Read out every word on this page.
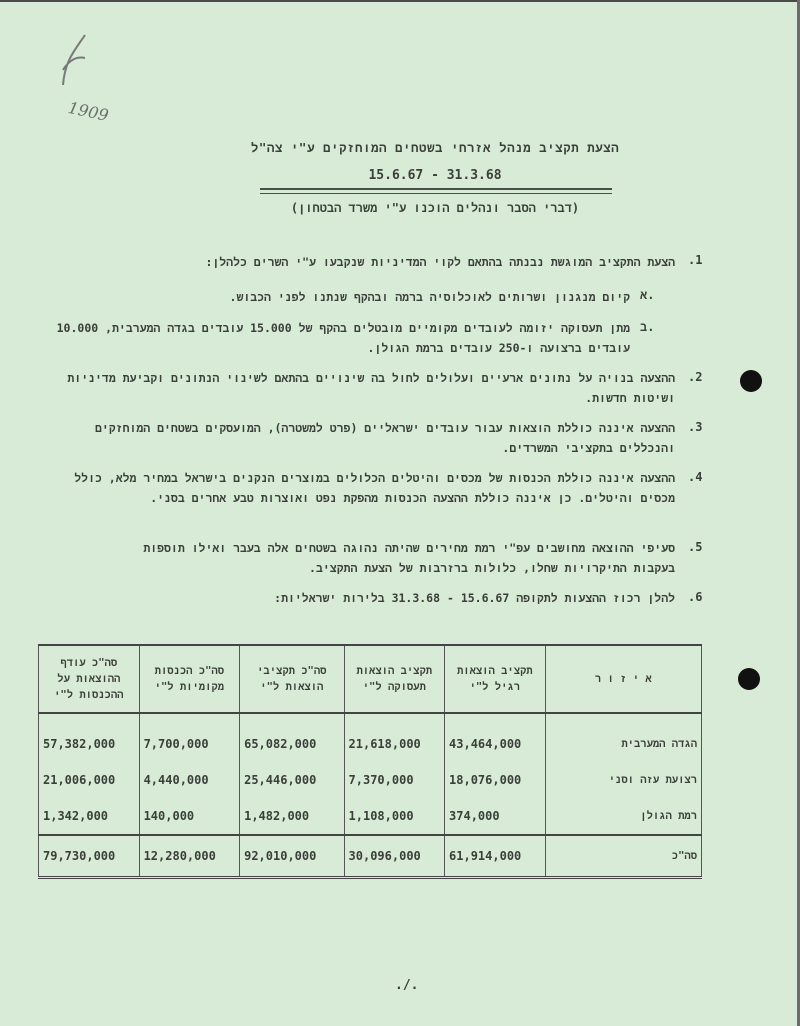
1909
הצעת תקציב מנהל אזרחי בשטחים המוחזקים ע"י צה"ל
15.6.67 - 31.3.68
(דברי הסבר ונהלים הוכנו ע"י משרד הבטחון)
.1
הצעת התקציב המוגשת נבנתה בהתאם לקוי המדיניות שנקבעו ע"י השרים כלהלן:
א.
קיום מנגנון ושרותים לאוכלוסיה ברמה ובהקף שנתנו לפני הכבוש.
ב.
מתן תעסוקה יזומה לעובדים מקומיים מובטלים בהקף של 15.000 עובדים בגדה המערבית, 10.000 עובדים ברצועה ו-250 עובדים ברמת הגולן.
.2
ההצעה בנויה על נתונים ארעיים ועלולים לחול בה שינויים בהתאם לשינוי הנתונים וקביעת מדיניות ושיטות חדשות.
.3
ההצעה איננה כוללת הוצאות עבור עובדים ישראליים (פרט למשטרה), המועסקים בשטחים המוחזקים והנכללים בתקציבי המשרדים.
.4
ההצעה איננה כוללת הכנסות של מכסים והיטלים הכלולים במוצרים הנקנים בישראל במחיר מלא, כולל מכסים והיטלים. כן איננה כוללת ההצעה הכנסות מהפקת נפט ואוצרות טבע אחרים בסני.
.5
סעיפי ההוצאה מחושבים עפ"י רמת מחירים שהיתה נהוגה בשטחים אלה בעבר ואילו תוספות בעקבות התיקרויות שחלו, כלולות ברזרבות של הצעת התקציב.
.6
להלן רכוז ההצעות לתקופה 15.6.67 - 31.3.68 בלירות ישראליות:
א י ז ו ר	תקציב הוצאות רגיל ל"י	תקציב הוצאות תעסוקה ל"י	סה"כ תקציבי הוצאות ל"י	סה"כ הכנסות מקומיות ל"י	סה"כ עודף ההוצאות על ההכנסות ל"י
הגדה המערבית	43,464,000	21,618,000	65,082,000	7,700,000	57,382,000
רצועת עזה וסני	18,076,000	7,370,000	25,446,000	4,440,000	21,006,000
רמת הגולן	374,000	1,108,000	1,482,000	140,000	1,342,000
סה"כ	61,914,000	30,096,000	92,010,000	12,280,000	79,730,000
./.
